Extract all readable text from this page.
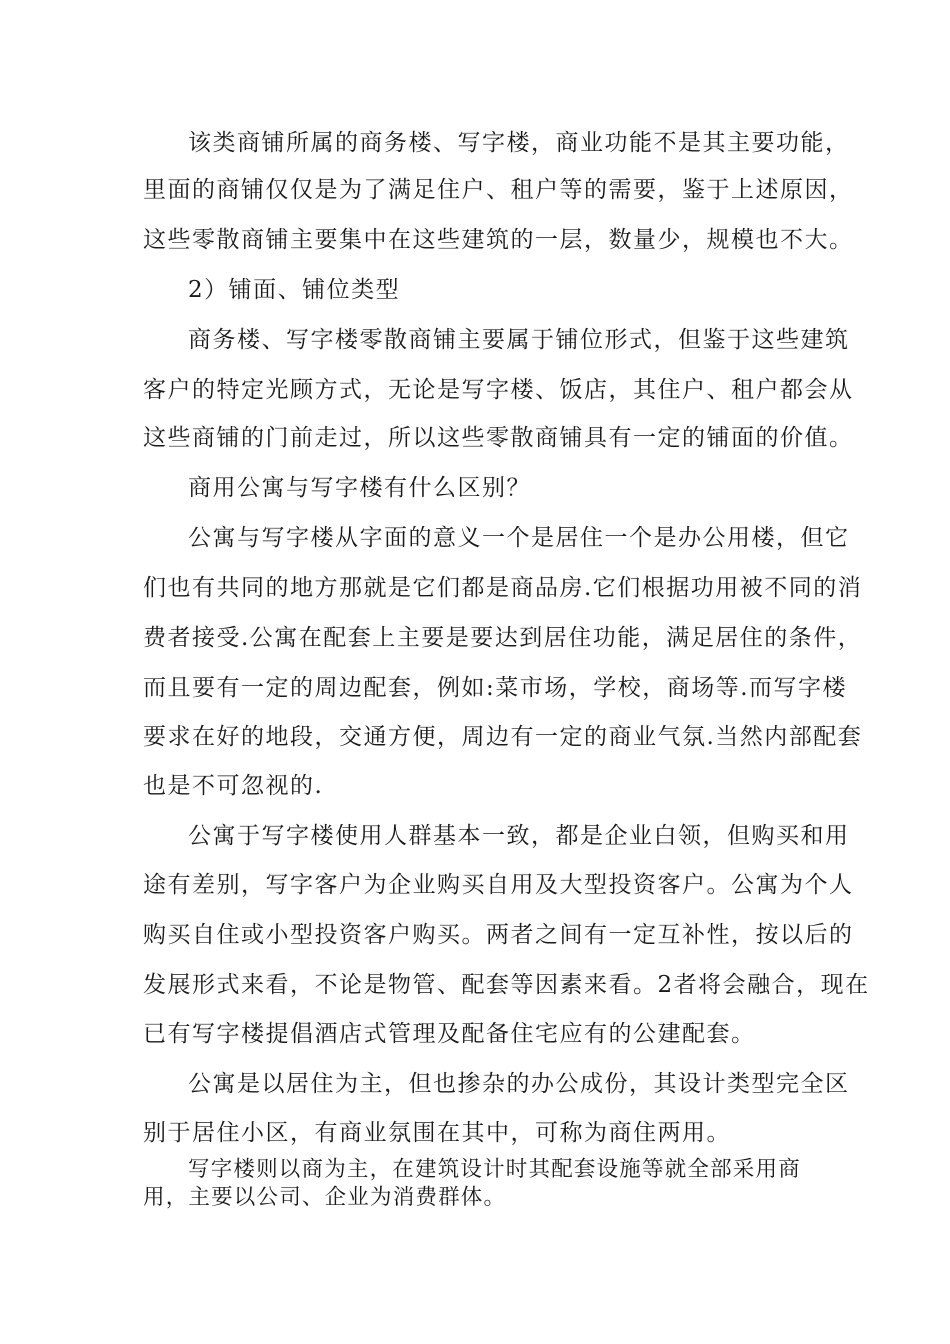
该类商铺所属的商务楼、写字楼，商业功能不是其主要功能，
里面的商铺仅仅是为了满足住户、租户等的需要，鉴于上述原因，
这些零散商铺主要集中在这些建筑的一层，数量少，规模也不大。
2）铺面、铺位类型
商务楼、写字楼零散商铺主要属于铺位形式，但鉴于这些建筑
客户的特定光顾方式，无论是写字楼、饭店，其住户、租户都会从
这些商铺的门前走过，所以这些零散商铺具有一定的铺面的价值。
商用公寓与写字楼有什么区别？
公寓与写字楼从字面的意义一个是居住一个是办公用楼，但它
们也有共同的地方那就是它们都是商品房.它们根据功用被不同的消
费者接受.公寓在配套上主要是要达到居住功能，满足居住的条件，
而且要有一定的周边配套，例如:菜市场，学校，商场等.而写字楼
要求在好的地段，交通方便，周边有一定的商业气氛.当然内部配套
也是不可忽视的.
公寓于写字楼使用人群基本一致，都是企业白领，但购买和用
途有差别，写字客户为企业购买自用及大型投资客户。公寓为个人
购买自住或小型投资客户购买。两者之间有一定互补性，按以后的
发展形式来看，不论是物管、配套等因素来看。2者将会融合，现在
已有写字楼提倡酒店式管理及配备住宅应有的公建配套。
公寓是以居住为主，但也掺杂的办公成份，其设计类型完全区
别于居住小区，有商业氛围在其中，可称为商住两用。
写字楼则以商为主，在建筑设计时其配套设施等就全部采用商
用，主要以公司、企业为消费群体。
